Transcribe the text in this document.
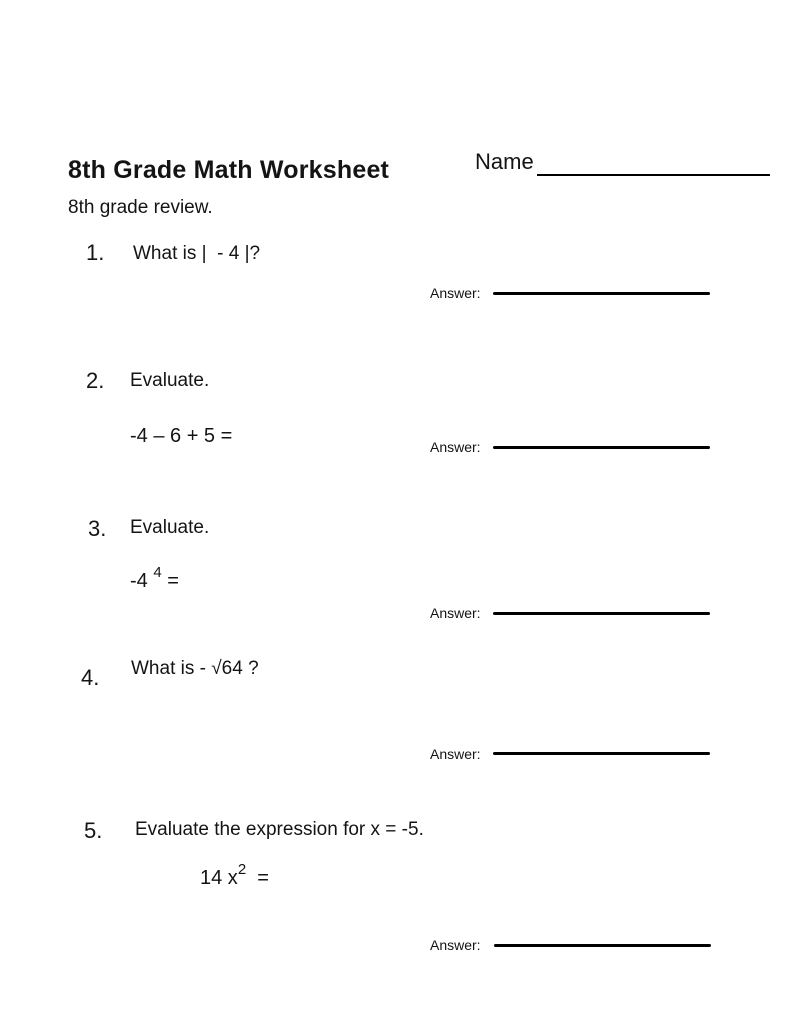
8th Grade Math Worksheet
8th grade review.
Name
1. What is |  - 4 |?
Answer:
2. Evaluate.
-4 – 6 + 5 =	Answer:
3. Evaluate.
-4 $^4$ =
Answer:
4. What is - √64 ?
Answer:
5. Evaluate the expression for x = -5.
14 $x^2$  =
Answer:
